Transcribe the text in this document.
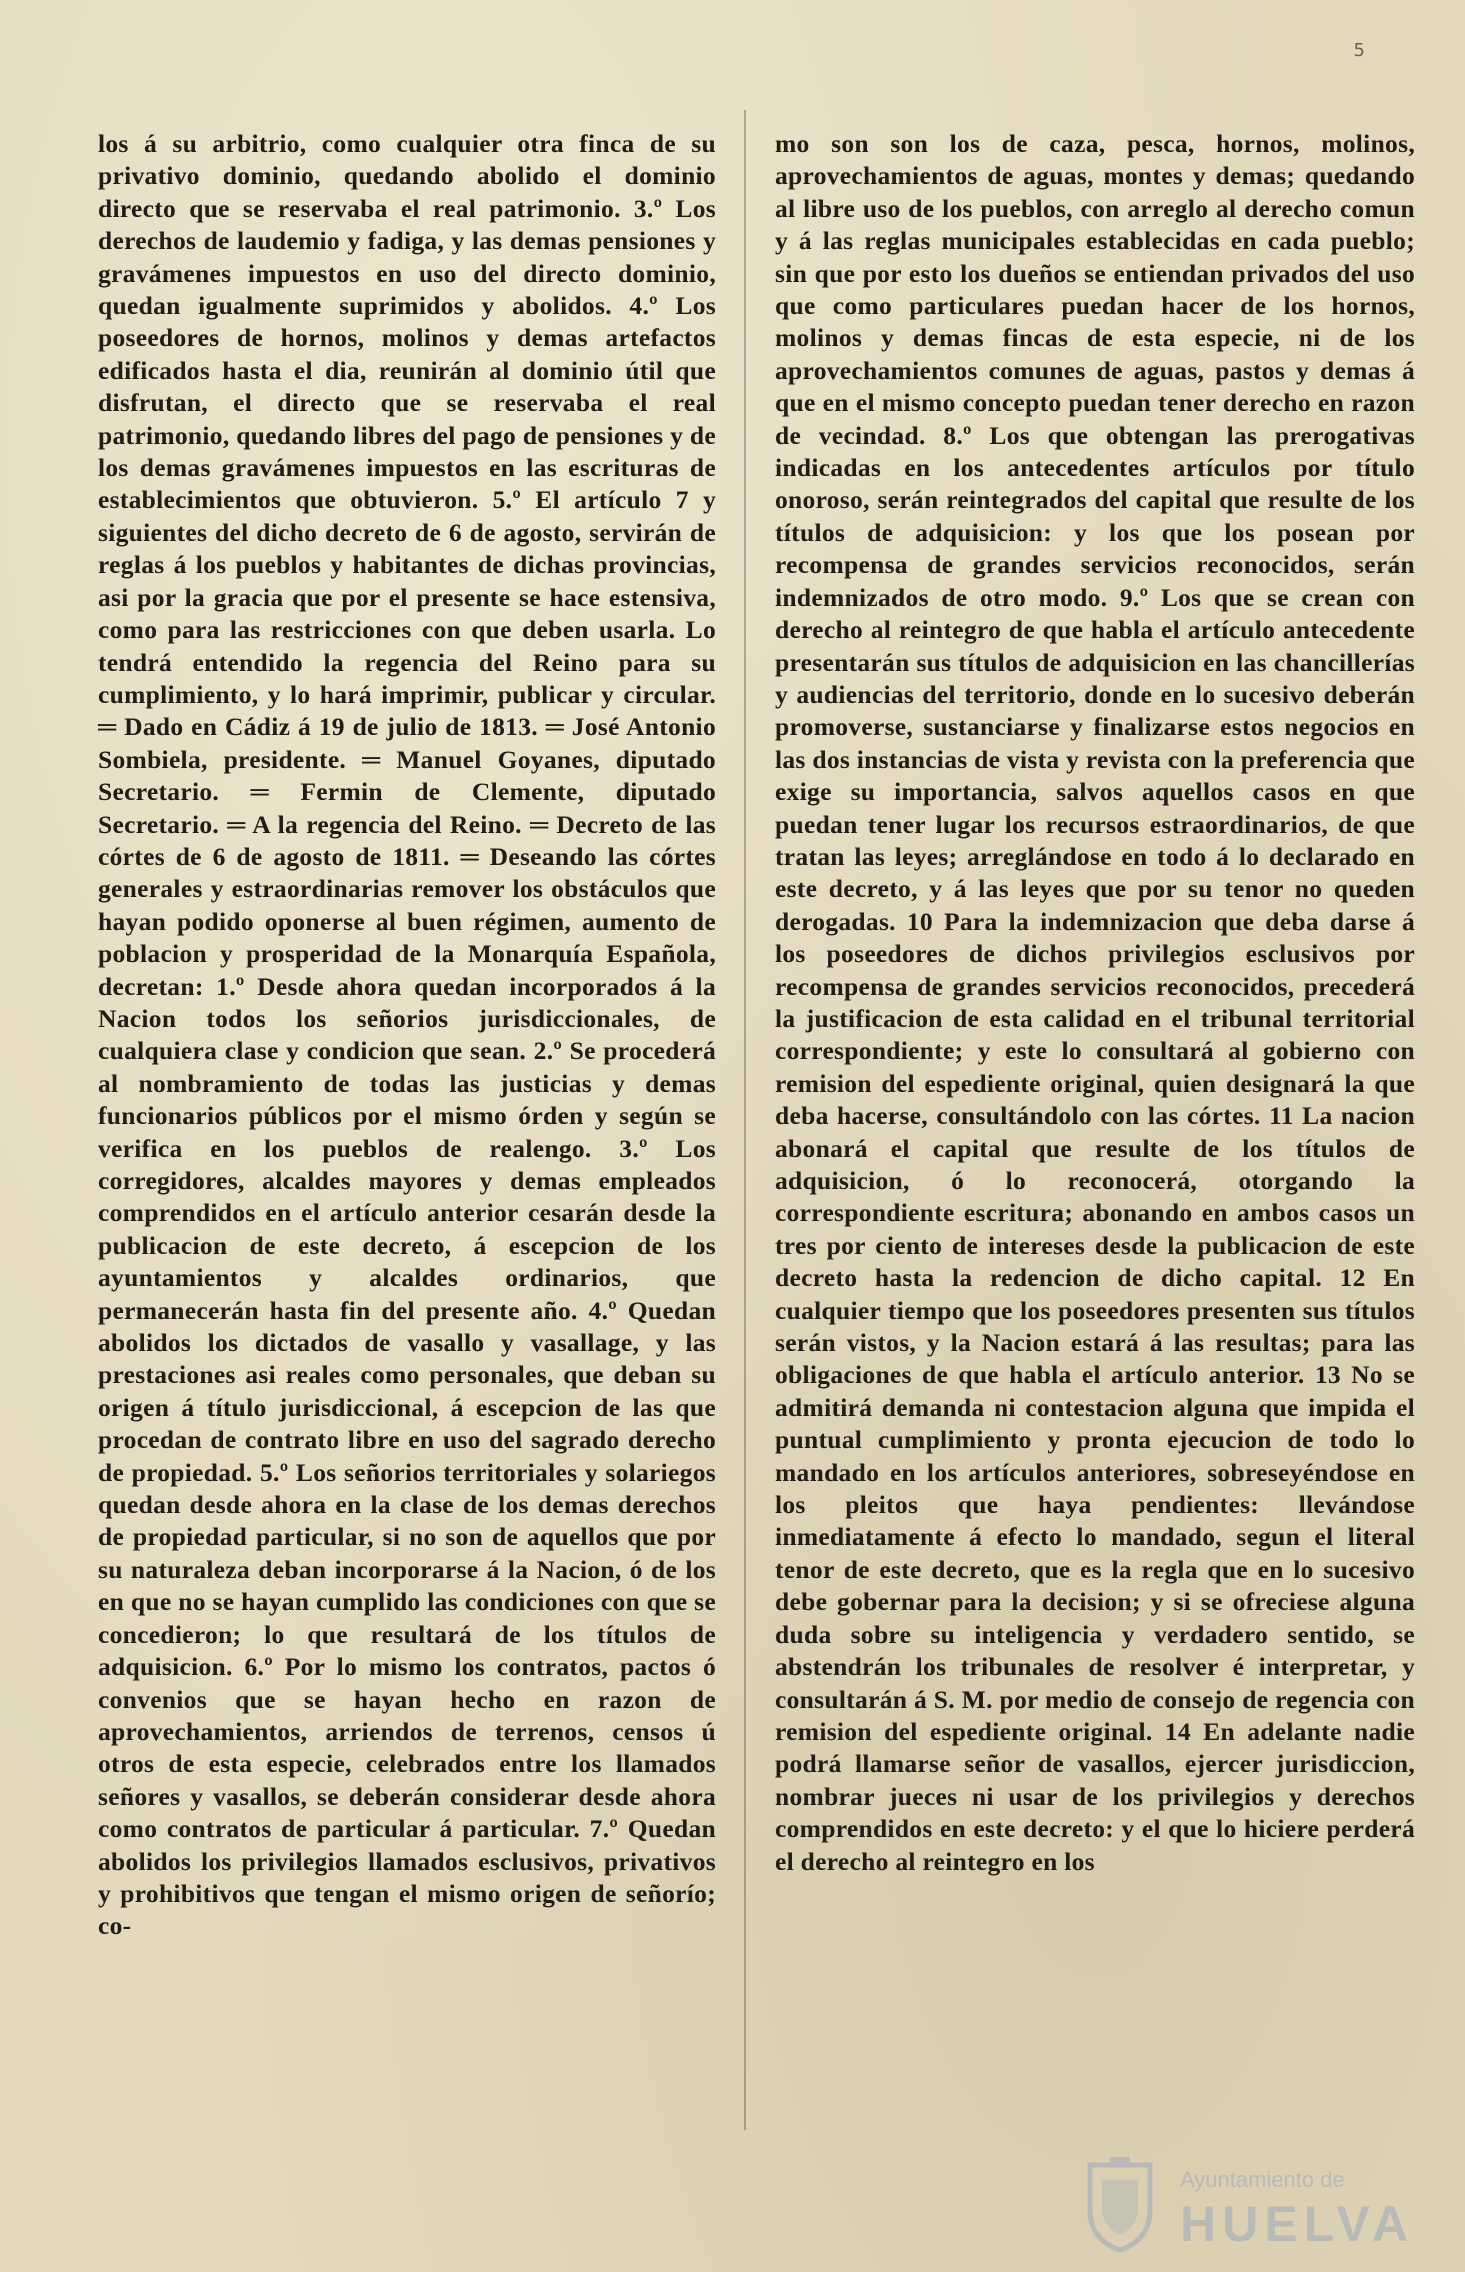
5
los á su arbitrio, como cualquier otra finca de su privativo dominio, quedando abolido el dominio directo que se reservaba el real patrimonio. 3.º Los derechos de laudemio y fadiga, y las demas pensiones y gravámenes impuestos en uso del directo dominio, quedan igualmente suprimidos y abolidos. 4.º Los poseedores de hornos, molinos y demas artefactos edificados hasta el dia, reunirán al dominio útil que disfrutan, el directo que se reservaba el real patrimonio, quedando libres del pago de pensiones y de los demas gravámenes impuestos en las escrituras de establecimientos que obtuvieron. 5.º El artículo 7 y siguientes del dicho decreto de 6 de agosto, servirán de reglas á los pueblos y habitantes de dichas provincias, asi por la gracia que por el presente se hace estensiva, como para las restricciones con que deben usarla. Lo tendrá entendido la regencia del Reino para su cumplimiento, y lo hará imprimir, publicar y circular. ═ Dado en Cádiz á 19 de julio de 1813. ═ José Antonio Sombiela, presidente. ═ Manuel Goyanes, diputado Secretario. ═ Fermin de Clemente, diputado Secretario. ═ A la regencia del Reino. ═ Decreto de las córtes de 6 de agosto de 1811. ═ Deseando las córtes generales y estraordinarias remover los obstáculos que hayan podido oponerse al buen régimen, aumento de poblacion y prosperidad de la Monarquía Española, decretan: 1.º Desde ahora quedan incorporados á la Nacion todos los señorios jurisdiccionales, de cualquiera clase y condicion que sean. 2.º Se procederá al nombramiento de todas las justicias y demas funcionarios públicos por el mismo órden y según se verifica en los pueblos de realengo. 3.º Los corregidores, alcaldes mayores y demas empleados comprendidos en el artículo anterior cesarán desde la publicacion de este decreto, á escepcion de los ayuntamientos y alcaldes ordinarios, que permanecerán hasta fin del presente año. 4.º Quedan abolidos los dictados de vasallo y vasallage, y las prestaciones asi reales como personales, que deban su origen á título jurisdiccional, á escepcion de las que procedan de contrato libre en uso del sagrado derecho de propiedad. 5.º Los señorios territoriales y solariegos quedan desde ahora en la clase de los demas derechos de propiedad particular, si no son de aquellos que por su naturaleza deban incorporarse á la Nacion, ó de los en que no se hayan cumplido las condiciones con que se concedieron; lo que resultará de los títulos de adquisicion. 6.º Por lo mismo los contratos, pactos ó convenios que se hayan hecho en razon de aprovechamientos, arriendos de terrenos, censos ú otros de esta especie, celebrados entre los llamados señores y vasallos, se deberán considerar desde ahora como contratos de particular á particular. 7.º Quedan abolidos los privilegios llamados esclusivos, privativos y prohibitivos que tengan el mismo origen de señorío; co-
mo son son los de caza, pesca, hornos, molinos, aprovechamientos de aguas, montes y demas; quedando al libre uso de los pueblos, con arreglo al derecho comun y á las reglas municipales establecidas en cada pueblo; sin que por esto los dueños se entiendan privados del uso que como particulares puedan hacer de los hornos, molinos y demas fincas de esta especie, ni de los aprovechamientos comunes de aguas, pastos y demas á que en el mismo concepto puedan tener derecho en razon de vecindad. 8.º Los que obtengan las prerogativas indicadas en los antecedentes artículos por título onoroso, serán reintegrados del capital que resulte de los títulos de adquisicion: y los que los posean por recompensa de grandes servicios reconocidos, serán indemnizados de otro modo. 9.º Los que se crean con derecho al reintegro de que habla el artículo antecedente presentarán sus títulos de adquisicion en las chancillerías y audiencias del territorio, donde en lo sucesivo deberán promoverse, sustanciarse y finalizarse estos negocios en las dos instancias de vista y revista con la preferencia que exige su importancia, salvos aquellos casos en que puedan tener lugar los recursos estraordinarios, de que tratan las leyes; arreglándose en todo á lo declarado en este decreto, y á las leyes que por su tenor no queden derogadas. 10 Para la indemnizacion que deba darse á los poseedores de dichos privilegios esclusivos por recompensa de grandes servicios reconocidos, precederá la justificacion de esta calidad en el tribunal territorial correspondiente; y este lo consultará al gobierno con remision del espediente original, quien designará la que deba hacerse, consultándolo con las córtes. 11 La nacion abonará el capital que resulte de los títulos de adquisicion, ó lo reconocerá, otorgando la correspondiente escritura; abonando en ambos casos un tres por ciento de intereses desde la publicacion de este decreto hasta la redencion de dicho capital. 12 En cualquier tiempo que los poseedores presenten sus títulos serán vistos, y la Nacion estará á las resultas; para las obligaciones de que habla el artículo anterior. 13 No se admitirá demanda ni contestacion alguna que impida el puntual cumplimiento y pronta ejecucion de todo lo mandado en los artículos anteriores, sobreseyéndose en los pleitos que haya pendientes: llevándose inmediatamente á efecto lo mandado, segun el literal tenor de este decreto, que es la regla que en lo sucesivo debe gobernar para la decision; y si se ofreciese alguna duda sobre su inteligencia y verdadero sentido, se abstendrán los tribunales de resolver é interpretar, y consultarán á S. M. por medio de consejo de regencia con remision del espediente original. 14 En adelante nadie podrá llamarse señor de vasallos, ejercer jurisdiccion, nombrar jueces ni usar de los privilegios y derechos comprendidos en este decreto: y el que lo hiciere perderá el derecho al reintegro en los
Ayuntamiento de
HUELVA
